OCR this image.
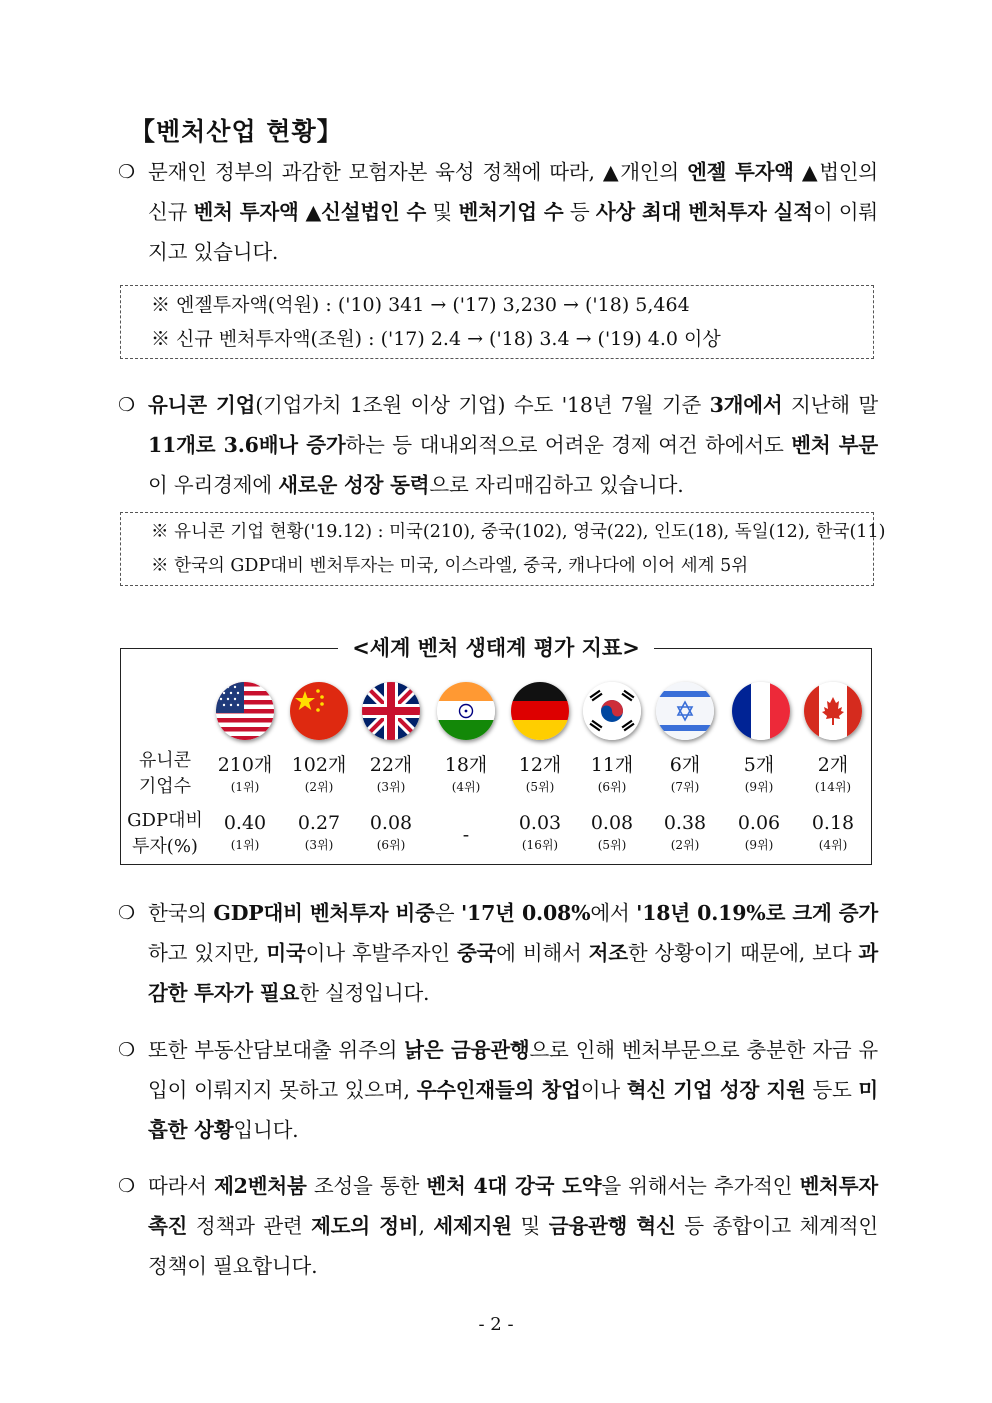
【벤처산업 현황】
❍ 문재인 정부의 과감한 모험자본 육성 정책에 따라, ▲개인의 엔젤 투자액 ▲법인의 신규 벤처 투자액 ▲신설법인 수 및 벤처기업 수 등 사상 최대 벤처투자 실적이 이뤄지고 있습니다.
※ 엔젤투자액(억원) : ('10) 341 → ('17) 3,230 → ('18) 5,464
※ 신규 벤처투자액(조원) : ('17) 2.4 → ('18) 3.4 → ('19) 4.0 이상
❍ 유니콘 기업(기업가치 1조원 이상 기업) 수도 '18년 7월 기준 3개에서 지난해 말 11개로 3.6배나 증가하는 등 대내외적으로 어려운 경제 여건 하에서도 벤처 부문이 우리경제에 새로운 성장 동력으로 자리매김하고 있습니다.
※ 유니콘 기업 현황('19.12) : 미국(210), 중국(102), 영국(22), 인도(18), 독일(12), 한국(11)
※ 한국의 GDP대비 벤처투자는 미국, 이스라엘, 중국, 캐나다에 이어 세계 5위
<세계 벤처 생태계 평가 지표>
유니콘
기업수
GDP대비
투자(%)
210개
(1위)
102개
(2위)
22개
(3위)
18개
(4위)
12개
(5위)
11개
(6위)
6개
(7위)
5개
(9위)
2개
(14위)
0.40
(1위)
0.27
(3위)
0.08
(6위)	-
0.03
(16위)
0.08
(5위)
0.38
(2위)
0.06
(9위)
0.18
(4위)
❍ 한국의 GDP대비 벤처투자 비중은 '17년 0.08%에서 '18년 0.19%로 크게 증가하고 있지만, 미국이나 후발주자인 중국에 비해서 저조한 상황이기 때문에, 보다 과감한 투자가 필요한 실정입니다.
❍ 또한 부동산담보대출 위주의 낡은 금융관행으로 인해 벤처부문으로 충분한 자금 유입이 이뤄지지 못하고 있으며, 우수인재들의 창업이나 혁신 기업 성장 지원 등도 미흡한 상황입니다.
❍ 따라서 제2벤처붐 조성을 통한 벤처 4대 강국 도약을 위해서는 추가적인 벤처투자 촉진 정책과 관련 제도의 정비, 세제지원 및 금융관행 혁신 등 종합이고 체계적인 정책이 필요합니다.
- 2 -
